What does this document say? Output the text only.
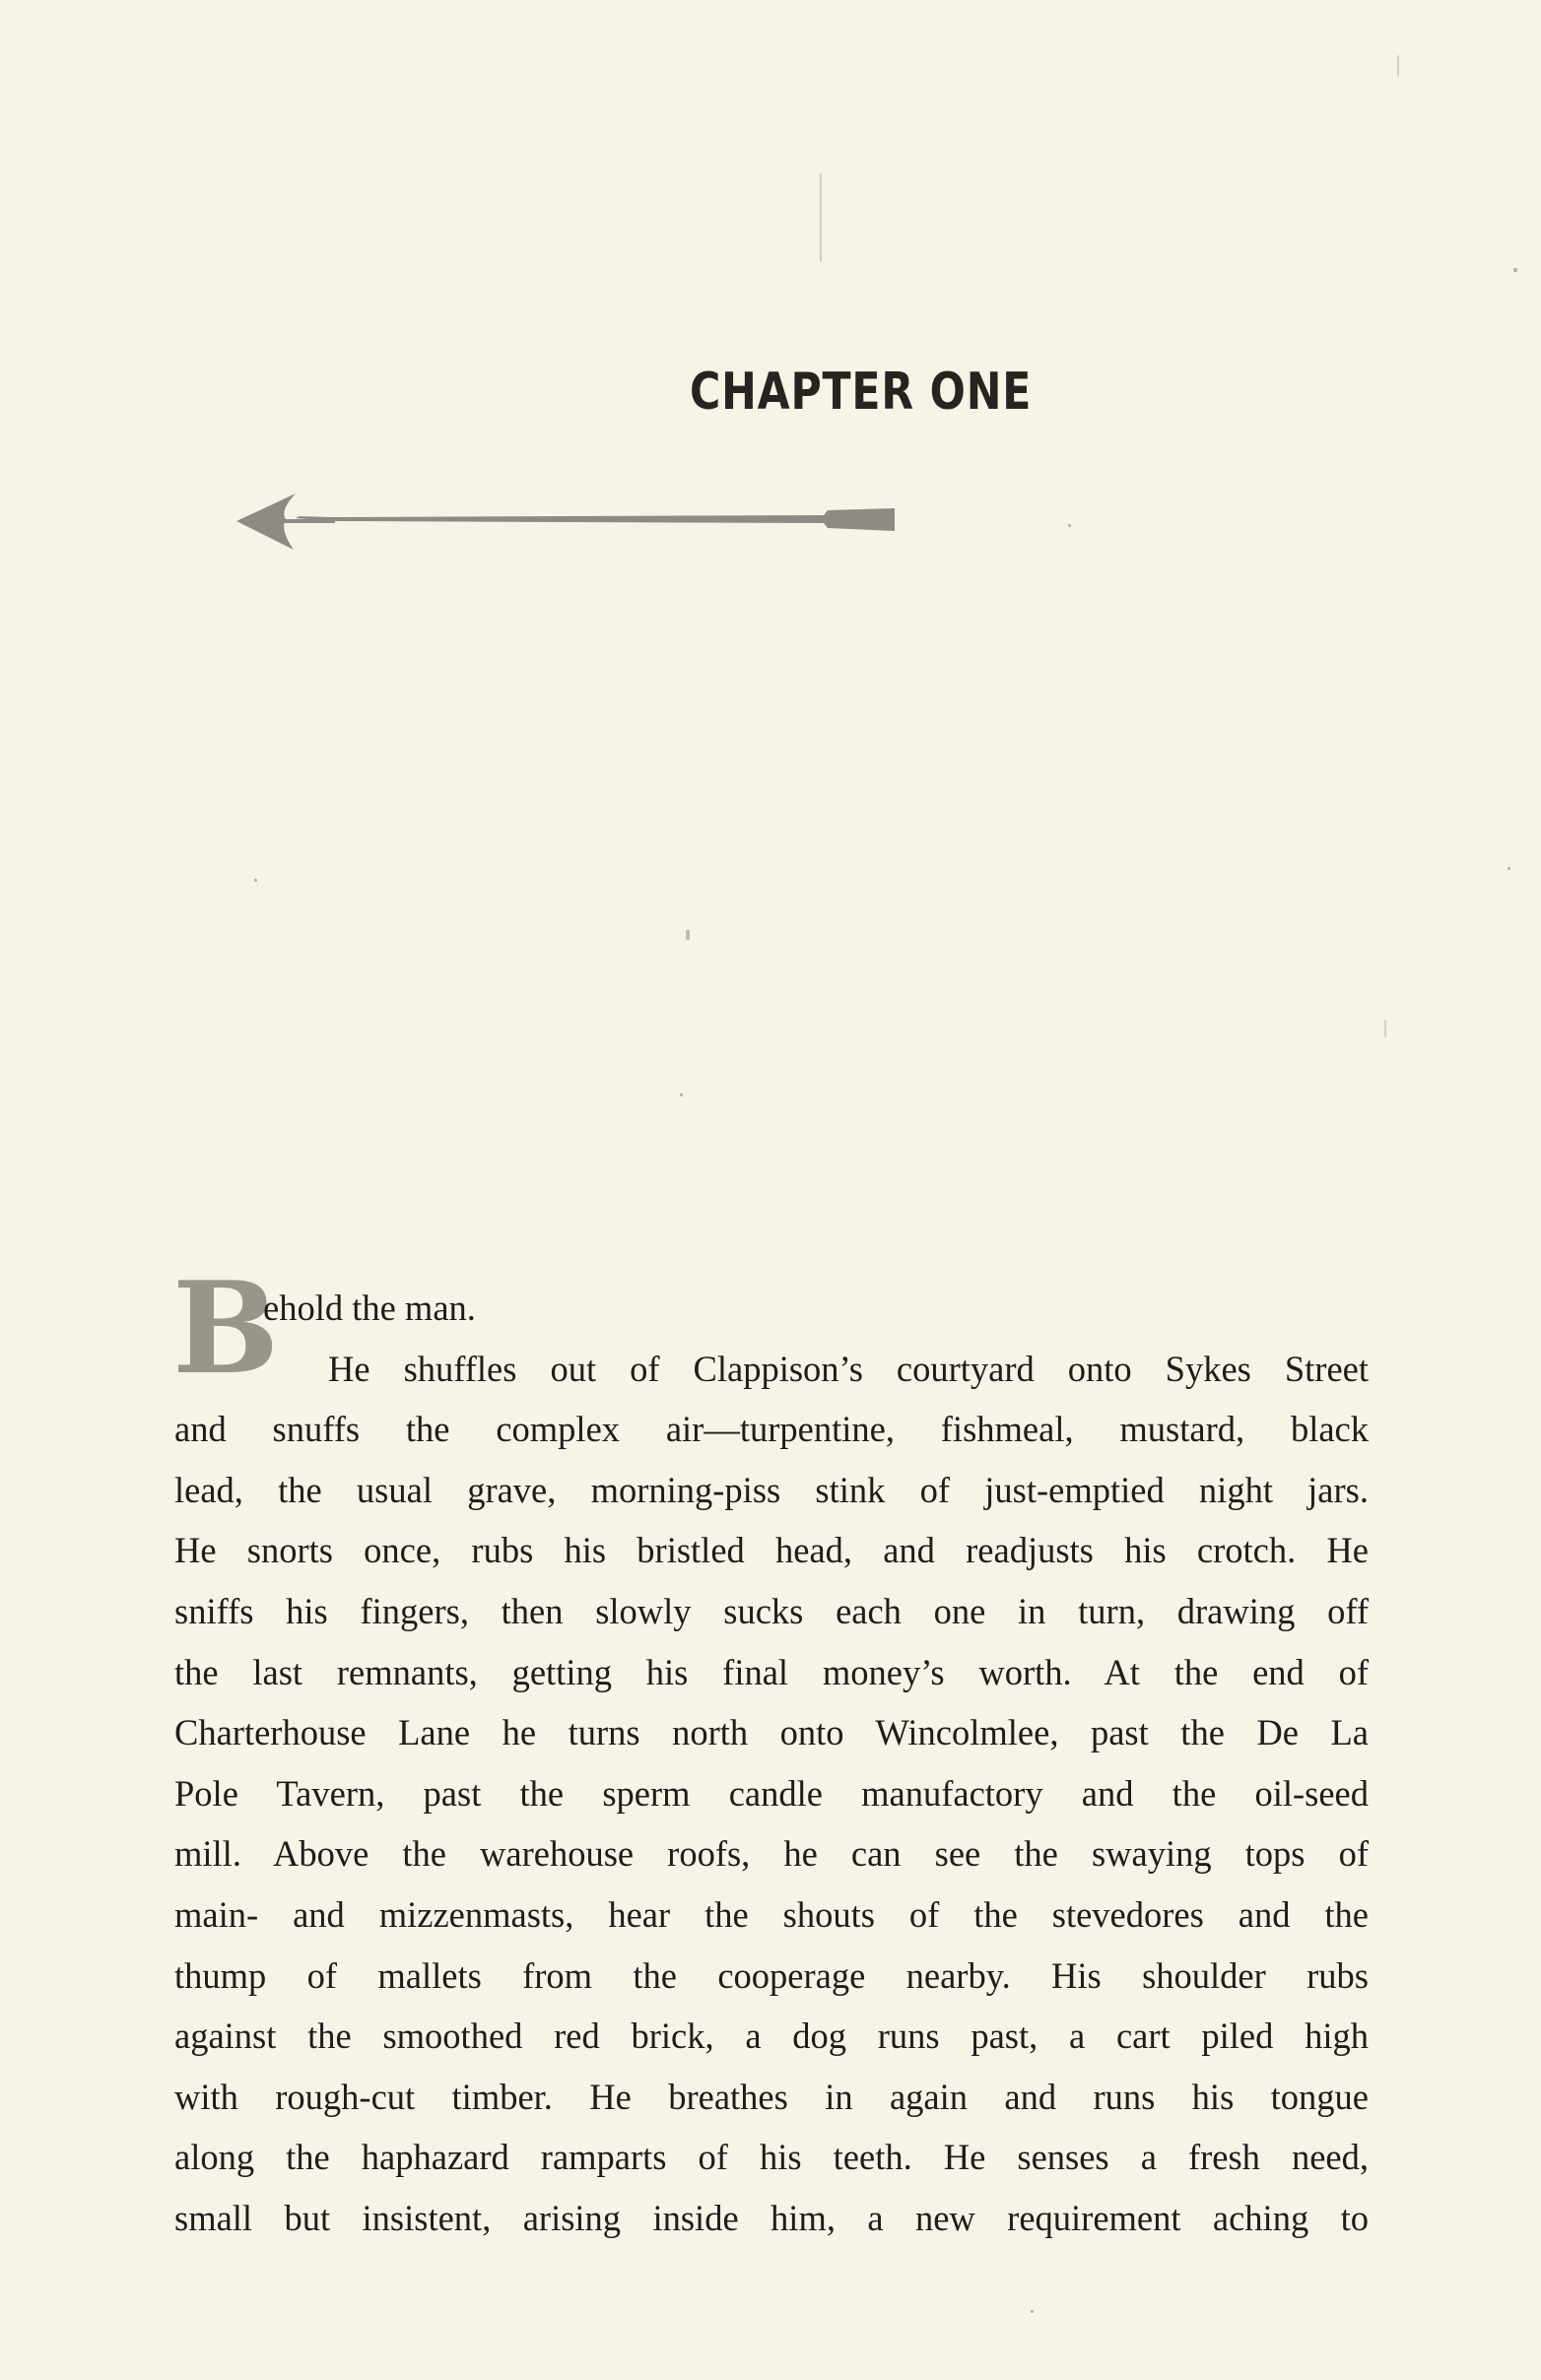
CHAPTER ONE
B
ehold the man.
He shuffles out of Clappison’s courtyard onto Sykes Street
and snuffs the complex air—turpentine, fishmeal, mustard, black
lead, the usual grave, morning-piss stink of just-emptied night jars.
He snorts once, rubs his bristled head, and readjusts his crotch. He
sniffs his fingers, then slowly sucks each one in turn, drawing off
the last remnants, getting his final money’s worth. At the end of
Charterhouse Lane he turns north onto Wincolmlee, past the De La
Pole Tavern, past the sperm candle manufactory and the oil-seed
mill. Above the warehouse roofs, he can see the swaying tops of
main- and mizzenmasts, hear the shouts of the stevedores and the
thump of mallets from the cooperage nearby. His shoulder rubs
against the smoothed red brick, a dog runs past, a cart piled high
with rough-cut timber. He breathes in again and runs his tongue
along the haphazard ramparts of his teeth. He senses a fresh need,
small but insistent, arising inside him, a new requirement aching to
